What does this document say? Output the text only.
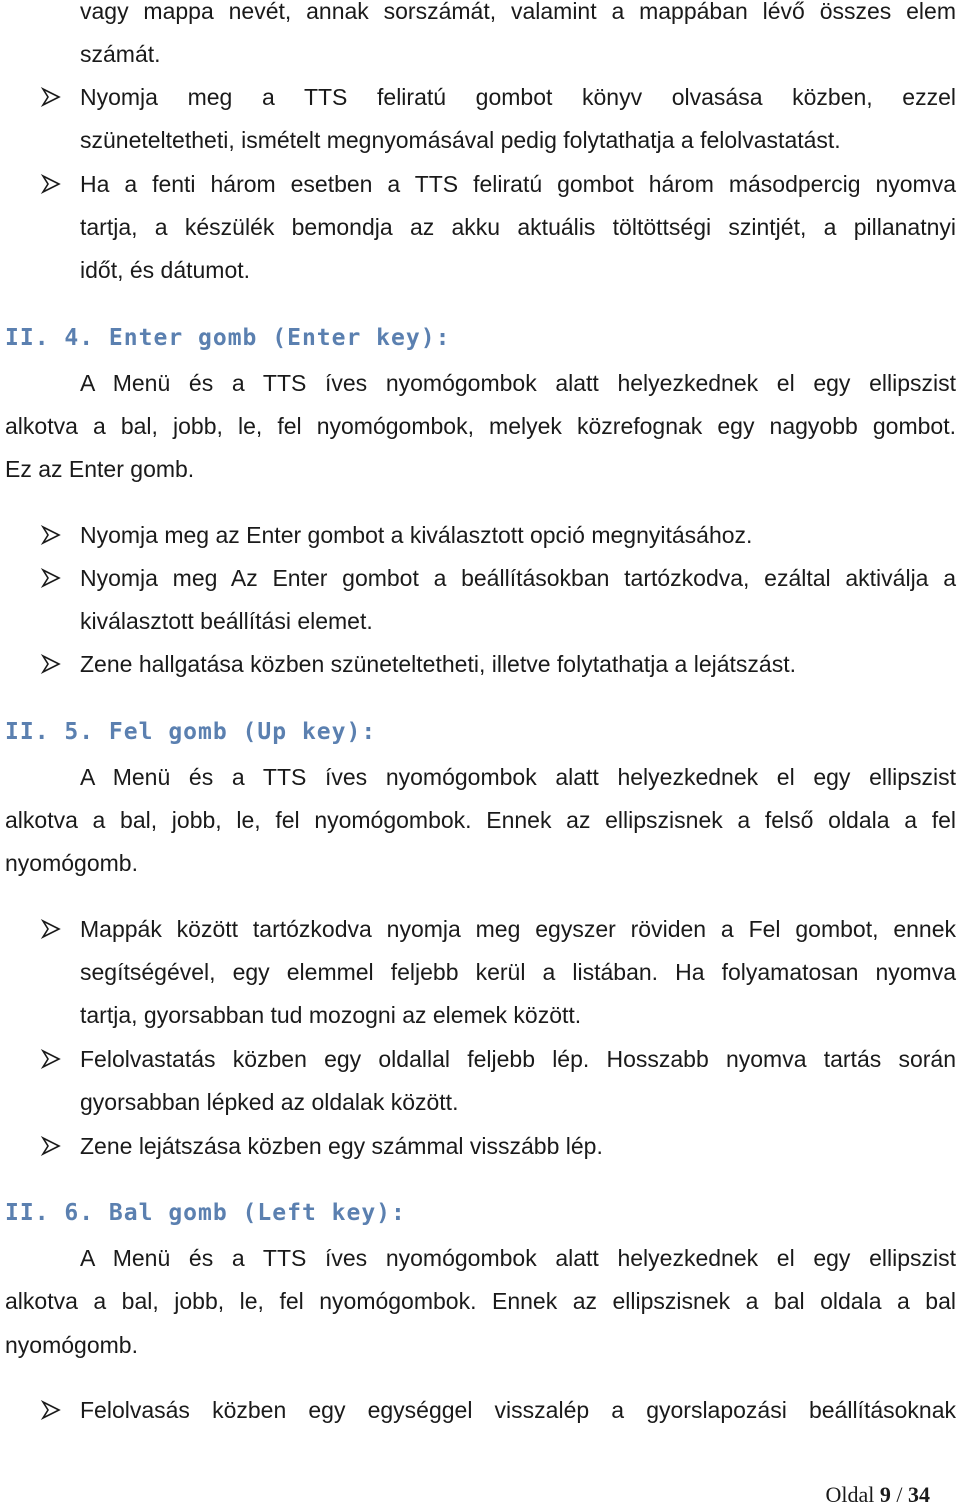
vagy mappa nevét, annak sorszámát, valamint a mappában lévő összes elem
számát.
Nyomja meg a TTS feliratú gombot könyv olvasása közben, ezzel
szüneteltetheti, ismételt megnyomásával pedig folytathatja a felolvastatást.
Ha a fenti három esetben a TTS feliratú gombot három másodpercig nyomva
tartja, a készülék bemondja az akku aktuális töltöttségi szintjét, a pillanatnyi
időt, és dátumot.
II. 4. Enter gomb (Enter key):
A Menü és a TTS íves nyomógombok alatt helyezkednek el egy ellipszist
alkotva a bal, jobb, le, fel nyomógombok, melyek közrefognak egy nagyobb gombot.
Ez az Enter gomb.
Nyomja meg az Enter gombot a kiválasztott opció megnyitásához.
Nyomja meg Az Enter gombot a beállításokban tartózkodva, ezáltal aktiválja a
kiválasztott beállítási elemet.
Zene hallgatása közben szüneteltetheti, illetve folytathatja a lejátszást.
II. 5. Fel gomb (Up key):
A Menü és a TTS íves nyomógombok alatt helyezkednek el egy ellipszist
alkotva a bal, jobb, le, fel nyomógombok. Ennek az ellipszisnek a felső oldala a fel
nyomógomb.
Mappák között tartózkodva nyomja meg egyszer röviden a Fel gombot, ennek
segítségével, egy elemmel feljebb kerül a listában. Ha folyamatosan nyomva
tartja, gyorsabban tud mozogni az elemek között.
Felolvastatás közben egy oldallal feljebb lép. Hosszabb nyomva tartás során
gyorsabban lépked az oldalak között.
Zene lejátszása közben egy számmal visszább lép.
II. 6. Bal gomb (Left key):
A Menü és a TTS íves nyomógombok alatt helyezkednek el egy ellipszist
alkotva a bal, jobb, le, fel nyomógombok. Ennek az ellipszisnek a bal oldala a bal
nyomógomb.
Felolvasás közben egy egységgel visszalép a gyorslapozási beállításoknak
Oldal 9 / 34
